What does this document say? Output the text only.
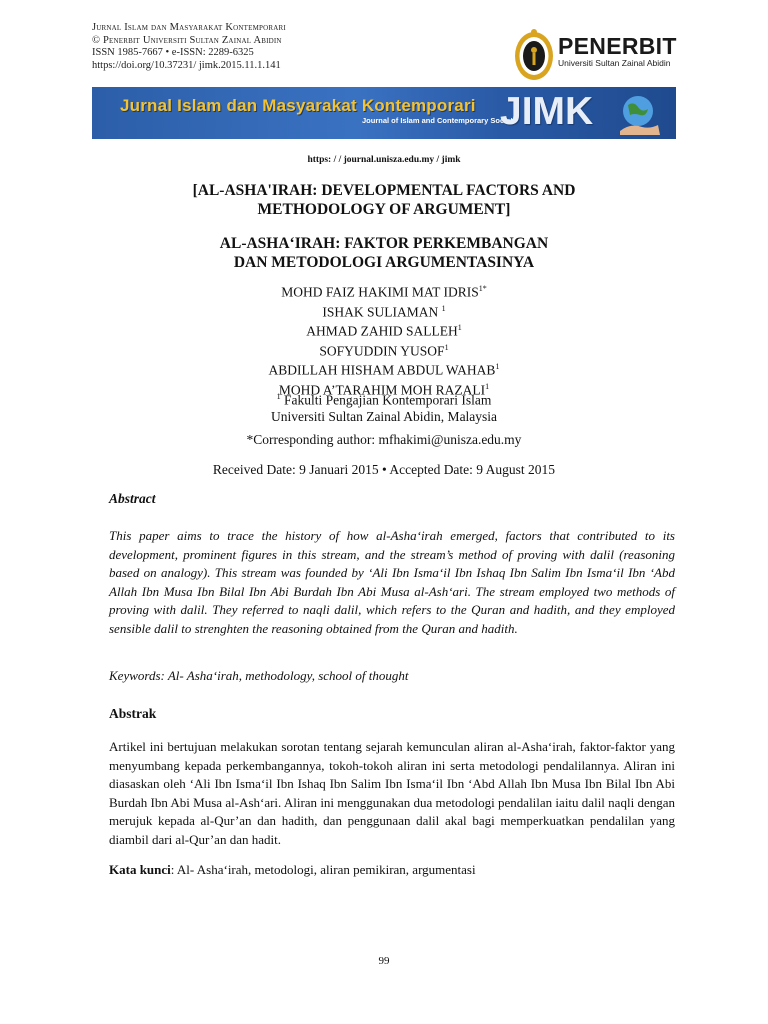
Jurnal Islam dan Masyarakat Kontemporari
© Penerbit Universiti Sultan Zainal Abidin
ISSN 1985-7667 • e-ISSN: 2289-6325
https://doi.org/10.37231/ jimk.2015.11.1.141
PENERBIT
Universiti Sultan Zainal Abidin
Jurnal Islam dan Masyarakat Kontemporari
Journal of Islam and Contemporary Society
JIMK
https: / / journal.unisza.edu.my / jimk
[AL-ASHA'IRAH: DEVELOPMENTAL FACTORS AND
METHODOLOGY OF ARGUMENT]
AL-ASHA‘IRAH: FAKTOR PERKEMBANGAN
DAN METODOLOGI ARGUMENTASINYA
MOHD FAIZ HAKIMI MAT $IDRIS^{1*}$
ISHAK SULIAMAN $^1$
AHMAD ZAHID SALLEH$^1$
SOFYUDDIN YUSOF$^1$
ABDILLAH HISHAM ABDUL WAHAB$^1$
MOHD A’TARAHIM MOH RAZALI$^1$
$^1$ Fakulti Pengajian Kontemporari Islam
Universiti Sultan Zainal Abidin, Malaysia
*Corresponding author: mfhakimi@unisza.edu.my
Received Date: 9 Januari 2015 • Accepted Date: 9 August 2015
Abstract
This paper aims to trace the history of how al-Asha‘irah emerged, factors that contributed to its development, prominent figures in this stream, and the stream’s method of proving with dalil (reasoning based on analogy). This stream was founded by ‘Ali Ibn Isma‘il Ibn Ishaq Ibn Salim Ibn Isma‘il Ibn ‘Abd Allah Ibn Musa Ibn Bilal Ibn Abi Burdah Ibn Abi Musa al-Ash‘ari. The stream employed two methods of proving with dalil. They referred to naqli dalil, which refers to the Quran and hadith, and they employed sensible dalil to strenghten the reasoning obtained from the Quran and hadith.
Keywords: Al- Asha‘irah, methodology, school of thought
Abstrak
Artikel ini bertujuan melakukan sorotan tentang sejarah kemunculan aliran al-Asha‘irah, faktor-faktor yang menyumbang kepada perkembangannya, tokoh-tokoh aliran ini serta metodologi pendalilannya. Aliran ini diasaskan oleh ‘Ali Ibn Isma‘il Ibn Ishaq Ibn Salim Ibn Isma‘il Ibn ‘Abd Allah Ibn Musa Ibn Bilal Ibn Abi Burdah Ibn Abi Musa al-Ash‘ari. Aliran ini menggunakan dua metodologi pendalilan iaitu dalil naqli dengan merujuk kepada al-Qur’an dan hadith, dan penggunaan dalil akal bagi memperkuatkan pendalilan yang diambil dari al-Qur’an dan hadit.
Kata kunci: Al- Asha‘irah, metodologi, aliran pemikiran, argumentasi
99
